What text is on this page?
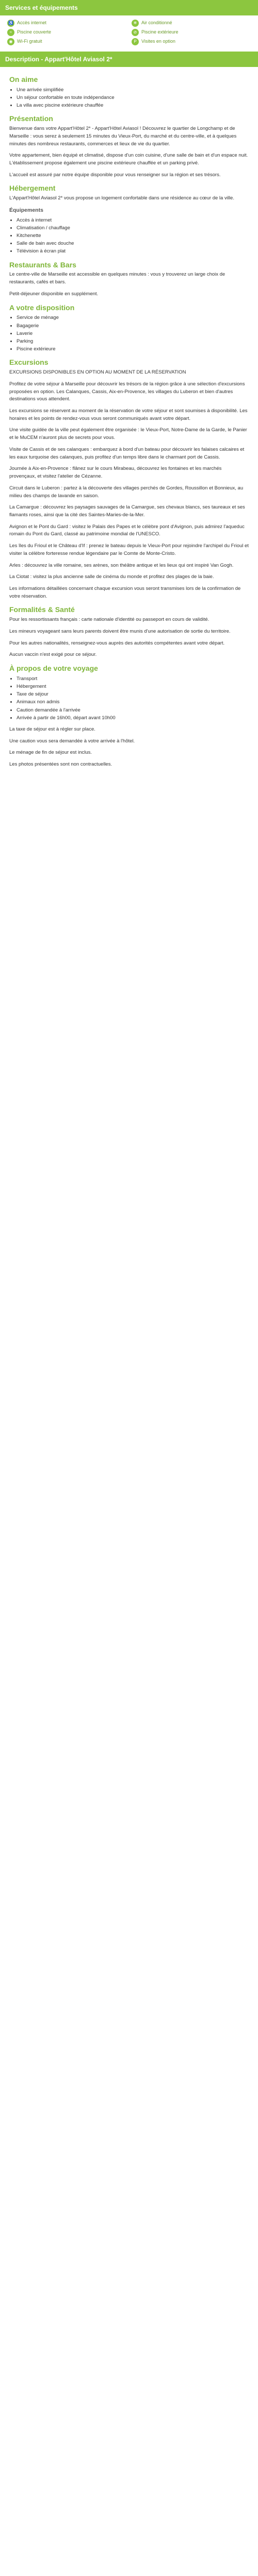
Services et équipements
♿ Accès internet	❄ Air conditionné
≈	Piscine couverte	⊘ Piscine extérieure
◉ Wi-Fi gratuit	P	Visites en option
Description - Appart'Hôtel Aviasol 2*
On aime
• Une arrivée simplifiée
• Un séjour confortable en toute indépendance
• La villa avec piscine extérieure chauffée
Présentation

Bienvenue dans votre Appart'Hôtel 2* - Appart'Hôtel Aviasol ! Découvrez le quartier de Longchamp et de Marseille : vous serez à seulement 15 minutes du Vieux-Port, du marché et du centre-ville, et à quelques minutes des nombreux restaurants, commerces et lieux de vie du quartier.

Votre appartement, bien équipé et climatisé, dispose d'un coin cuisine, d'une salle de bain et d'un espace nuit. L'établissement propose également une piscine extérieure chauffée et un parking privé.

L'accueil est assuré par notre équipe disponible pour vous renseigner sur la région et ses trésors.

Hébergement

L'Appart'Hôtel Aviasol 2* vous propose un logement confortable dans une résidence au cœur de la ville.

Équipements
• Accès à internet
• Climatisation / chauffage
• Kitchenette
• Salle de bain avec douche
• Télévision à écran plat
Restaurants & Bars

Le centre-ville de Marseille est accessible en quelques minutes : vous y trouverez un large choix de restaurants, cafés et bars.

Petit-déjeuner disponible en supplément.

A votre disposition
• Service de ménage
• Bagagerie
• Laverie
• Parking
• Piscine extérieure
Excursions

EXCURSIONS DISPONIBLES EN OPTION AU MOMENT DE LA RÉSERVATION

Profitez de votre séjour à Marseille pour découvrir les trésors de la région grâce à une sélection d'excursions proposées en option. Les Calanques, Cassis, Aix-en-Provence, les villages du Luberon et bien d'autres destinations vous attendent.

Les excursions se réservent au moment de la réservation de votre séjour et sont soumises à disponibilité. Les horaires et les points de rendez-vous vous seront communiqués avant votre départ.

Une visite guidée de la ville peut également être organisée : le Vieux-Port, Notre-Dame de la Garde, le Panier et le MuCEM n'auront plus de secrets pour vous.

Visite de Cassis et de ses calanques : embarquez à bord d'un bateau pour découvrir les falaises calcaires et les eaux turquoise des calanques, puis profitez d'un temps libre dans le charmant port de Cassis.

Journée à Aix-en-Provence : flânez sur le cours Mirabeau, découvrez les fontaines et les marchés provençaux, et visitez l'atelier de Cézanne.

Circuit dans le Luberon : partez à la découverte des villages perchés de Gordes, Roussillon et Bonnieux, au milieu des champs de lavande en saison.

La Camargue : découvrez les paysages sauvages de la Camargue, ses chevaux blancs, ses taureaux et ses flamants roses, ainsi que la cité des Saintes-Maries-de-la-Mer.

Avignon et le Pont du Gard : visitez le Palais des Papes et le célèbre pont d'Avignon, puis admirez l'aqueduc romain du Pont du Gard, classé au patrimoine mondial de l'UNESCO.

Les îles du Frioul et le Château d'If : prenez le bateau depuis le Vieux-Port pour rejoindre l'archipel du Frioul et visiter la célèbre forteresse rendue légendaire par le Comte de Monte-Cristo.

Arles : découvrez la ville romaine, ses arènes, son théâtre antique et les lieux qui ont inspiré Van Gogh.

La Ciotat : visitez la plus ancienne salle de cinéma du monde et profitez des plages de la baie.

Les informations détaillées concernant chaque excursion vous seront transmises lors de la confirmation de votre réservation.

Formalités & Santé

Pour les ressortissants français : carte nationale d'identité ou passeport en cours de validité.

Les mineurs voyageant sans leurs parents doivent être munis d'une autorisation de sortie du territoire.

Pour les autres nationalités, renseignez-vous auprès des autorités compétentes avant votre départ.

Aucun vaccin n'est exigé pour ce séjour.

À propos de votre voyage
• Transport
• Hébergement
• Taxe de séjour
• Animaux non admis
• Caution demandée à l'arrivée
• Arrivée à partir de 16h00, départ avant 10h00

La taxe de séjour est à régler sur place.

Une caution vous sera demandée à votre arrivée à l'hôtel.

Le ménage de fin de séjour est inclus.

Les photos présentées sont non contractuelles.
